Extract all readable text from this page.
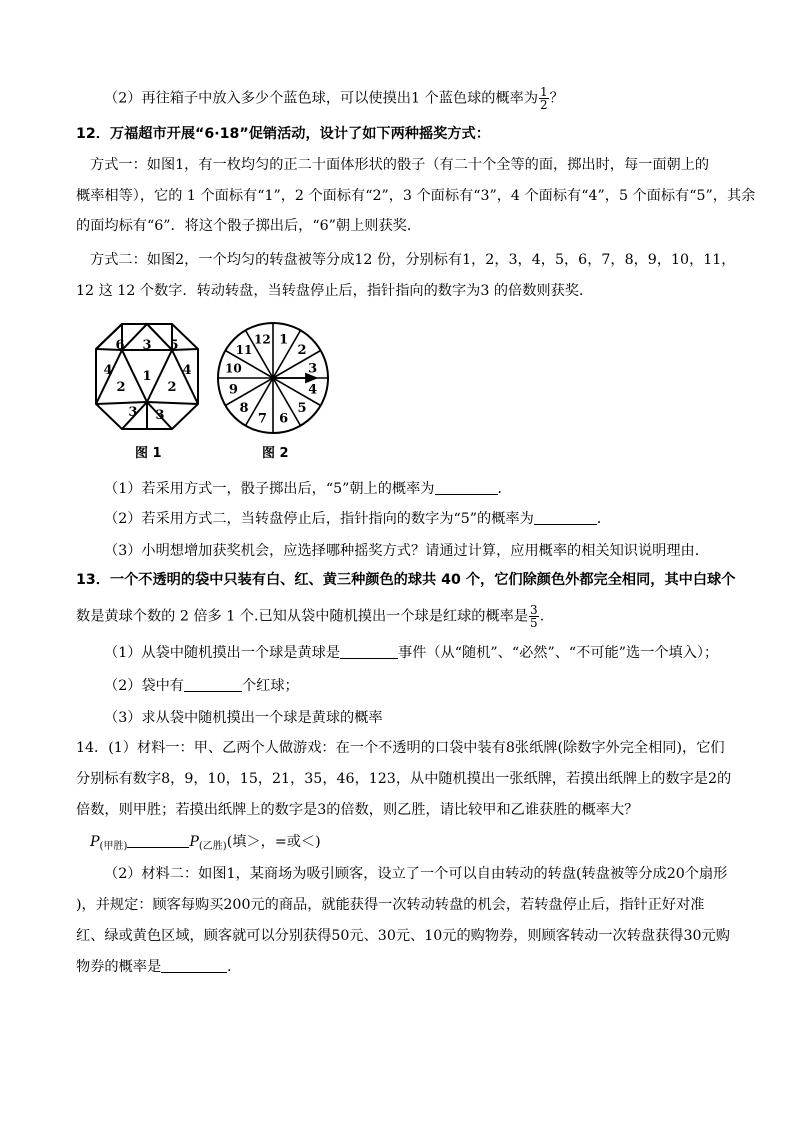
（2）再往箱子中放入多少个蓝色球，可以使摸出1 个蓝色球的概率为 $\frac{1}{2}$ ？
12．万福超市开展“6·18”促销活动，设计了如下两种摇奖方式：
方式一：如图1，有一枚均匀的正二十面体形状的骰子（有二十个全等的面，掷出时，每一面朝上的
概率相等），它的 1 个面标有“1”，2 个面标有“2”，3 个面标有“3”，4 个面标有“4”，5 个面标有“5”，其余
的面均标有“6”．将这个骰子掷出后，“6”朝上则获奖．
方式二：如图2，一个均匀的转盘被等分成12 份，分别标有1，2，3，4，5，6，7，8，9，10，11，
12 这 12 个数字．转动转盘，当转盘停止后，指针指向的数字为3 的倍数则获奖．
6 3 5
4 1 4
2	2
3 3
图 1
1
2
3
4
5
6
7
8
9
10
11
12
图 2
（1）若采用方式一，骰子掷出后，“5”朝上的概率为	．
（2）若采用方式二，当转盘停止后，指针指向的数字为“5”的概率为	．
（3）小明想增加获奖机会，应选择哪种摇奖方式？请通过计算，应用概率的相关知识说明理由．
13．一个不透明的袋中只装有白、红、黄三种颜色的球共 40 个，它们除颜色外都完全相同，其中白球个
数是黄球个数的 2 倍多 1 个.已知从袋中随机摸出一个球是红球的概率是 $\frac{3}{5}$ .
（1）从袋中随机摸出一个球是黄球是	事件（从“随机”、“必然”、“不可能”选一个填入）；
（2）袋中有	个红球；
（3）求从袋中随机摸出一个球是黄球的概率
14．(1）材料一：甲、乙两个人做游戏：在一个不透明的口袋中装有8张纸牌(除数字外完全相同)，它们
分别标有数字8，9，10，15，21，35，46，123，从中随机摸出一张纸牌，若摸出纸牌上的数字是2的
倍数，则甲胜；若摸出纸牌上的数字是3的倍数，则乙胜，请比较甲和乙谁获胜的概率大？
$P_{(甲胜)}$	$P_{(乙胜)}$(填＞，=或＜)
（2）材料二：如图1，某商场为吸引顾客，设立了一个可以自由转动的转盘(转盘被等分成20个扇形
)，并规定：顾客每购买200元的商品，就能获得一次转动转盘的机会，若转盘停止后，指针正好对准
红、绿或黄色区域，顾客就可以分别获得50元、30元、10元的购物券，则顾客转动一次转盘获得30元购
物券的概率是	．
